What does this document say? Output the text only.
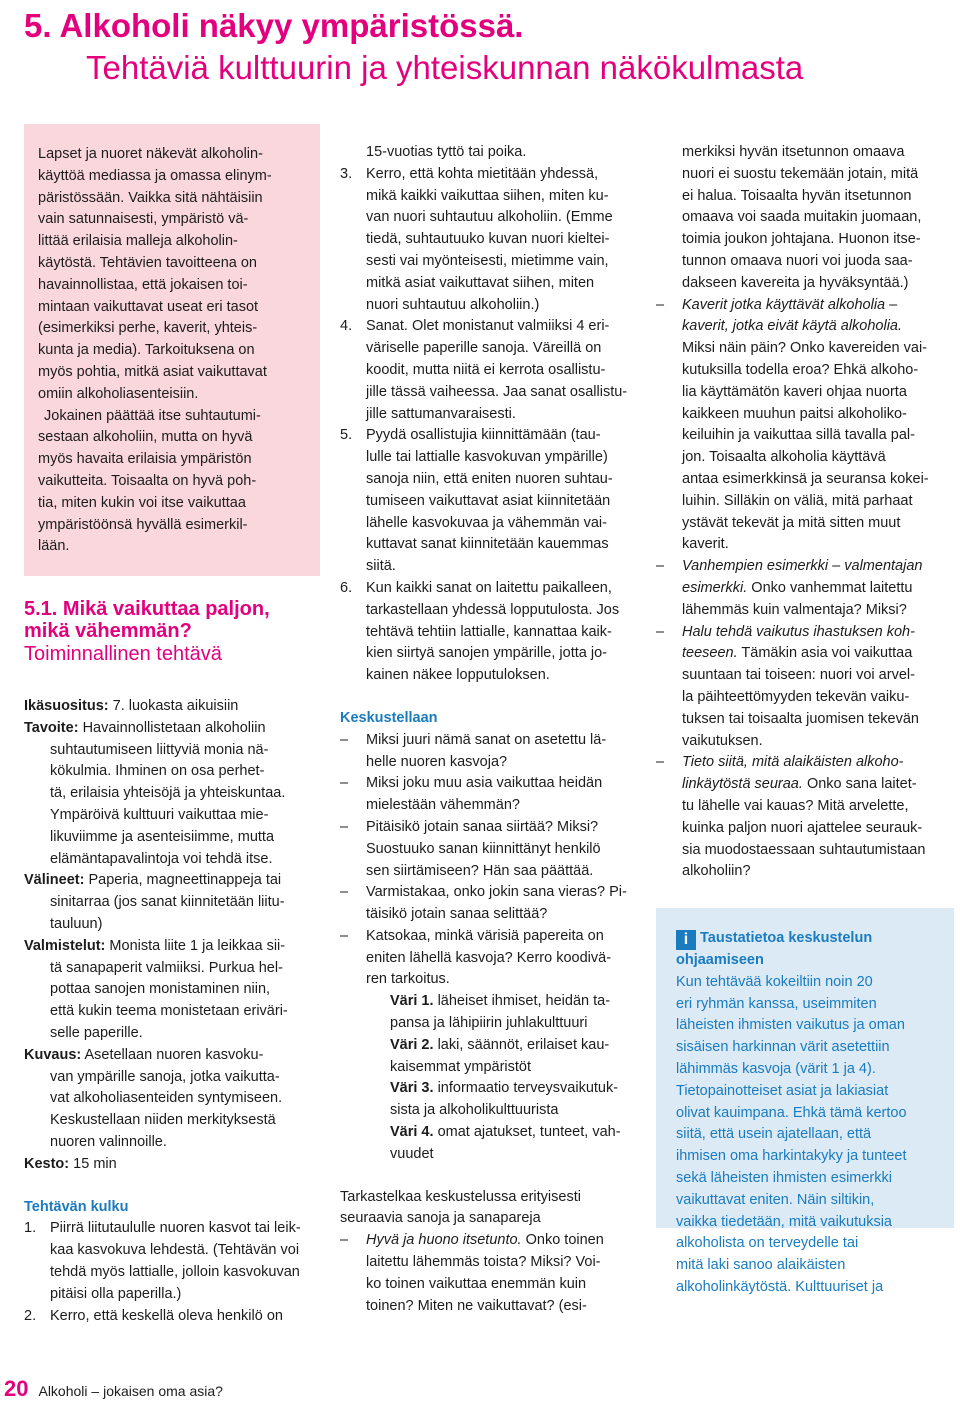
5. Alkoholi näkyy ympäristössä.
Tehtäviä kulttuurin ja yhteiskunnan näkökulmasta

Lapset ja nuoret näkevät alkoholin-
käyttöä mediassa ja omassa elinym-
päristössään. Vaikka sitä nähtäisiin
vain satunnaisesti, ympäristö vä-
littää erilaisia malleja alkoholin-
käytöstä. Tehtävien tavoitteena on
havainnollistaa, että jokaisen toi-
mintaan vaikuttavat useat eri tasot
(esimerkiksi perhe, kaverit, yhteis-
kunta ja media). Tarkoituksena on
myös pohtia, mitkä asiat vaikuttavat
omiin alkoholiasenteisiin.

Jokainen päättää itse suhtautumi-
sestaan alkoholiin, mutta on hyvä
myös havaita erilaisia ympäristön
vaikutteita. Toisaalta on hyvä poh-
tia, miten kukin voi itse vaikuttaa
ympäristöönsä hyvällä esimerkil-
lään.

5.1. Mikä vaikuttaa paljon,
mikä vähemmän?
Toiminnallinen tehtävä
Ikäsuositus: 7. luokasta aikuisiin
Tavoite: Havainnollistetaan alkoholiin
suhtautumiseen liittyviä monia nä-
kökulmia. Ihminen on osa perhet-
tä, erilaisia yhteisöjä ja yhteiskuntaa.
Ympäröivä kulttuuri vaikuttaa mie-
likuviimme ja asenteisiimme, mutta
elämäntapavalintoja voi tehdä itse.
Välineet: Paperia, magneettinappeja tai
sinitarraa (jos sanat kiinnitetään liitu-
tauluun)
Valmistelut: Monista liite 1 ja leikkaa sii-
tä sanapaperit valmiiksi. Purkua hel-
pottaa sanojen monistaminen niin,
että kukin teema monistetaan eriväri-
selle paperille.
Kuvaus: Asetellaan nuoren kasvoku-
van ympärille sanoja, jotka vaikutta-
vat alkoholiasenteiden syntymiseen.
Keskustellaan niiden merkityksestä
nuoren valinnoille.
Kesto: 15 min
Tehtävän kulku
1. Piirrä liitutaululle nuoren kasvot tai leik-
kaa kasvokuva lehdestä. (Tehtävän voi
tehdä myös lattialle, jolloin kasvokuvan
pitäisi olla paperilla.)
2. Kerro, että keskellä oleva henkilö on
15-vuotias tyttö tai poika.
3. Kerro, että kohta mietitään yhdessä,
mikä kaikki vaikuttaa siihen, miten ku-
van nuori suhtautuu alkoholiin. (Emme
tiedä, suhtautuuko kuvan nuori kieltei-
sesti vai myönteisesti, mietimme vain,
mitkä asiat vaikuttavat siihen, miten
nuori suhtautuu alkoholiin.)
4. Sanat. Olet monistanut valmiiksi 4 eri-
väriselle paperille sanoja. Väreillä on
koodit, mutta niitä ei kerrota osallistu-
jille tässä vaiheessa. Jaa sanat osallistu-
jille sattumanvaraisesti.
5. Pyydä osallistujia kiinnittämään (tau-
lulle tai lattialle kasvokuvan ympärille)
sanoja niin, että eniten nuoren suhtau-
tumiseen vaikuttavat asiat kiinnitetään
lähelle kasvokuvaa ja vähemmän vai-
kuttavat sanat kiinnitetään kauemmas
siitä.
6. Kun kaikki sanat on laitettu paikalleen,
tarkastellaan yhdessä lopputulosta. Jos
tehtävä tehtiin lattialle, kannattaa kaik-
kien siirtyä sanojen ympärille, jotta jo-
kainen näkee lopputuloksen.
Keskustellaan
– Miksi juuri nämä sanat on asetettu lä-
helle nuoren kasvoja?
– Miksi joku muu asia vaikuttaa heidän
mielestään vähemmän?
– Pitäisikö jotain sanaa siirtää? Miksi?
Suostuuko sanan kiinnittänyt henkilö
sen siirtämiseen? Hän saa päättää.
– Varmistakaa, onko jokin sana vieras? Pi-
täisikö jotain sanaa selittää?
– Katsokaa, minkä värisiä papereita on
eniten lähellä kasvoja? Kerro koodivä-
ren tarkoitus.
Väri 1. läheiset ihmiset, heidän ta-
pansa ja lähipiirin juhlakulttuuri
Väri 2. laki, säännöt, erilaiset kau-
kaisemmat ympäristöt
Väri 3. informaatio terveysvaikutuk-
sista ja alkoholikulttuurista
Väri 4. omat ajatukset, tunteet, vah-
vuudet
Tarkastelkaa keskustelussa erityisesti
seuraavia sanoja ja sanapareja
– Hyvä ja huono itsetunto. Onko toinen
laitettu lähemmäs toista? Miksi? Voi-
ko toinen vaikuttaa enemmän kuin
toinen? Miten ne vaikuttavat? (esi-
merkiksi hyvän itsetunnon omaava
nuori ei suostu tekemään jotain, mitä
ei halua. Toisaalta hyvän itsetunnon
omaava voi saada muitakin juomaan,
toimia joukon johtajana. Huonon itse-
tunnon omaava nuori voi juoda saa-
dakseen kavereita ja hyväksyntää.)
– Kaverit jotka käyttävät alkoholia –
kaverit, jotka eivät käytä alkoholia.
Miksi näin päin? Onko kavereiden vai-
kutuksilla todella eroa? Ehkä alkoho-
lia käyttämätön kaveri ohjaa nuorta
kaikkeen muuhun paitsi alkoholiko-
keiluihin ja vaikuttaa sillä tavalla pal-
jon. Toisaalta alkoholia käyttävä
antaa esimerkkinsä ja seuransa kokei-
luihin. Silläkin on väliä, mitä parhaat
ystävät tekevät ja mitä sitten muut
kaverit.
– Vanhempien esimerkki – valmentajan
esimerkki. Onko vanhemmat laitettu
lähemmäs kuin valmentaja? Miksi?
– Halu tehdä vaikutus ihastuksen koh-
teeseen. Tämäkin asia voi vaikuttaa
suuntaan tai toiseen: nuori voi arvel-
la päihteettömyyden tekevän vaiku-
tuksen tai toisaalta juomisen tekevän
vaikutuksen.
– Tieto siitä, mitä alaikäisten alkoho-
linkäytöstä seuraa. Onko sana laitet-
tu lähelle vai kauas? Mitä arvelette,
kuinka paljon nuori ajattelee seurauk-
sia muodostaessaan suhtautumistaan
alkoholiin?
i Taustatietoa keskustelun
ohjaamiseen
Kun tehtävää kokeiltiin noin 20
eri ryhmän kanssa, useimmiten
läheisten ihmisten vaikutus ja oman
sisäisen harkinnan värit asetettiin
lähimmäs kasvoja (värit 1 ja 4).
Tietopainotteiset asiat ja lakiasiat
olivat kauimpana. Ehkä tämä kertoo
siitä, että usein ajatellaan, että
ihmisen oma harkintakyky ja tunteet
sekä läheisten ihmisten esimerkki
vaikuttavat eniten. Näin siltikin,
vaikka tiedetään, mitä vaikutuksia
alkoholista on terveydelle tai
mitä laki sanoo alaikäisten
alkoholinkäytöstä. Kulttuuriset ja
20 Alkoholi – jokaisen oma asia?
